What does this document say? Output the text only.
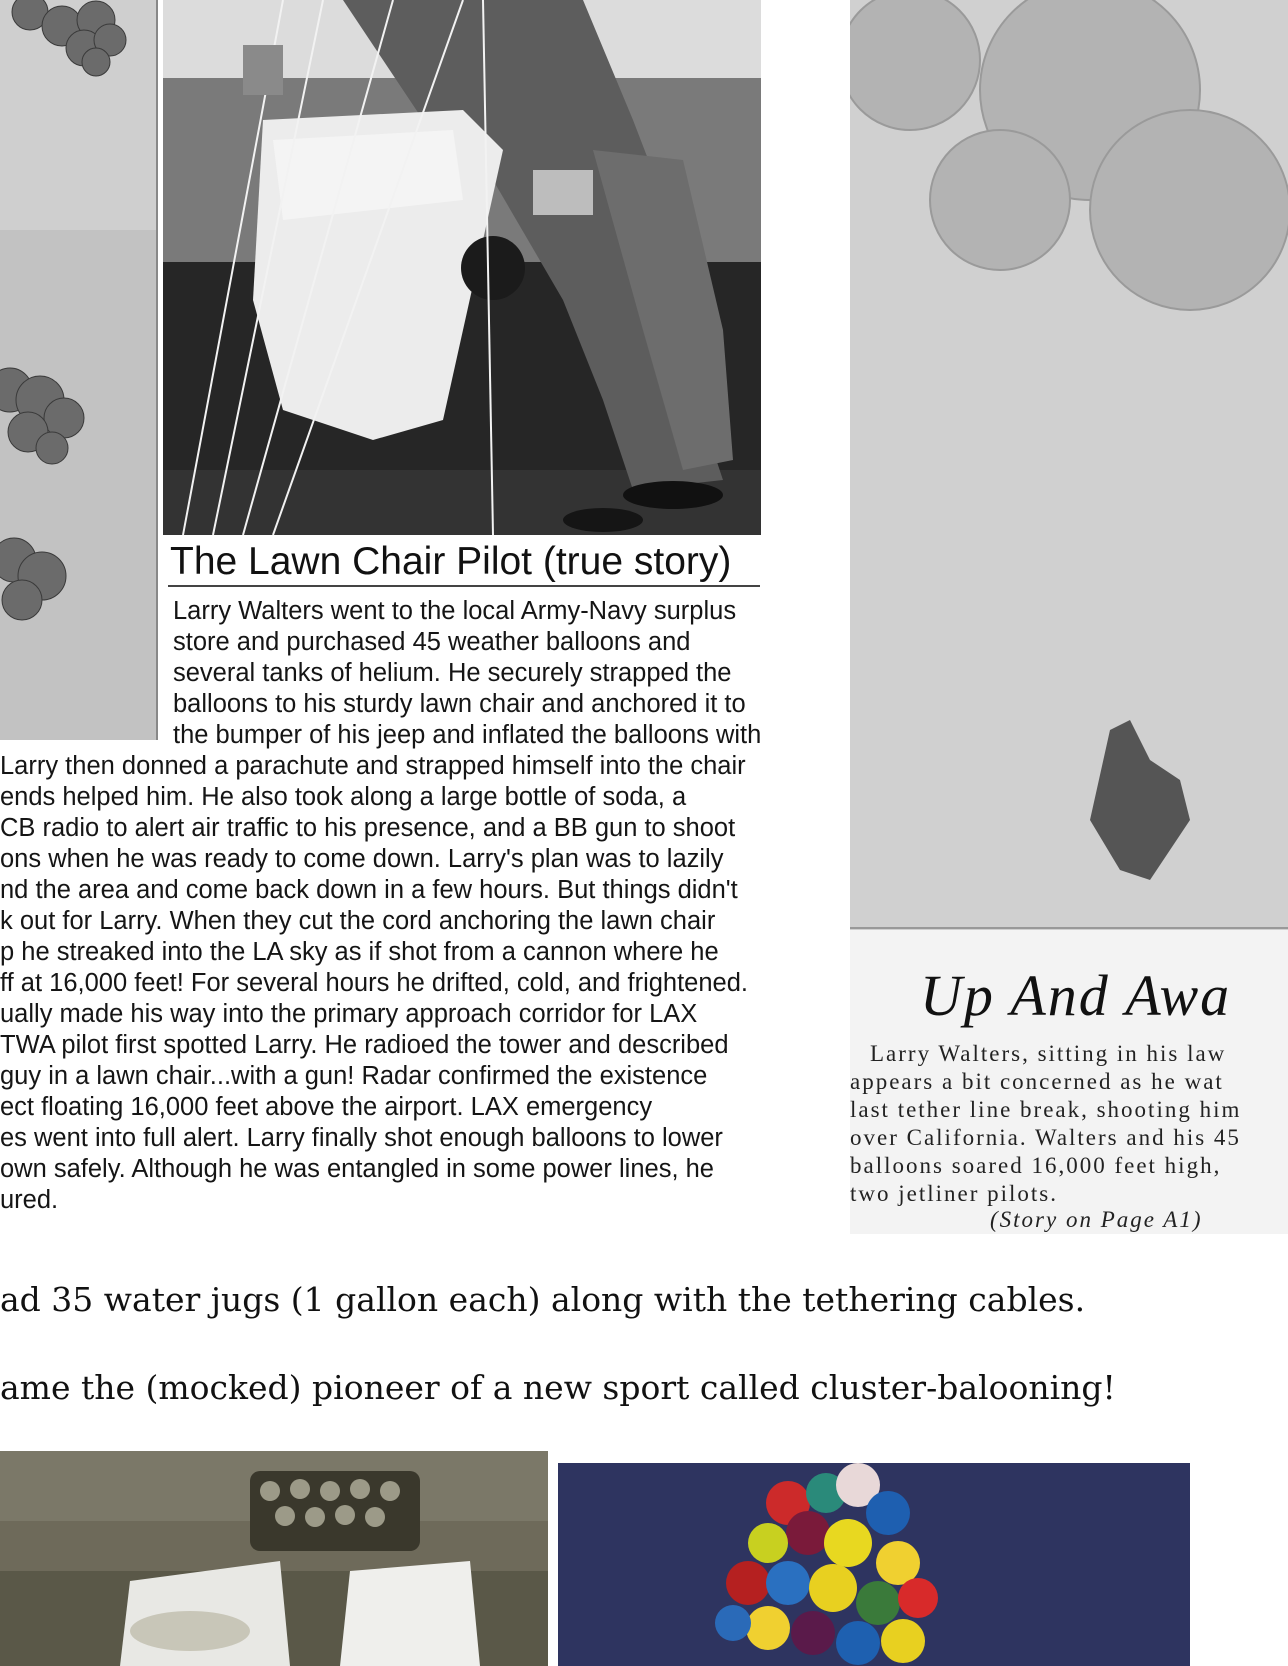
The Lawn Chair Pilot (true story)
Larry Walters went to the local Army-Navy surplus
store and purchased 45 weather balloons and
several tanks of helium. He securely strapped the
balloons to his sturdy lawn chair and anchored it to
the bumper of his jeep and inflated the balloons with
Larry then donned a parachute and strapped himself into the chair
ends helped him. He also took along a large bottle of soda, a
CB radio to alert air traffic to his presence, and a BB gun to shoot
ons when he was ready to come down. Larry's plan was to lazily
nd the area and come back down in a few hours. But things didn't
k out for Larry. When they cut the cord anchoring the lawn chair
p he streaked into the LA sky as if shot from a cannon where he
ff at 16,000 feet! For several hours he drifted, cold, and frightened.
ually made his way into the primary approach corridor for LAX
TWA pilot first spotted Larry. He radioed the tower and described
guy in a lawn chair...with a gun! Radar confirmed the existence
ect floating 16,000 feet above the airport. LAX emergency
es went into full alert. Larry finally shot enough balloons to lower
own safely. Although he was entangled in some power lines, he
ured.
Up And Awa
Larry Walters, sitting in his law
appears a bit concerned as he wat
last tether line break, shooting him
over California. Walters and his 45
balloons soared 16,000 feet high,
two jetliner pilots.
(Story on Page A1)
ad 35 water jugs (1 gallon each) along with the tethering cables.
ame the (mocked) pioneer of a new sport called cluster-balooning!
